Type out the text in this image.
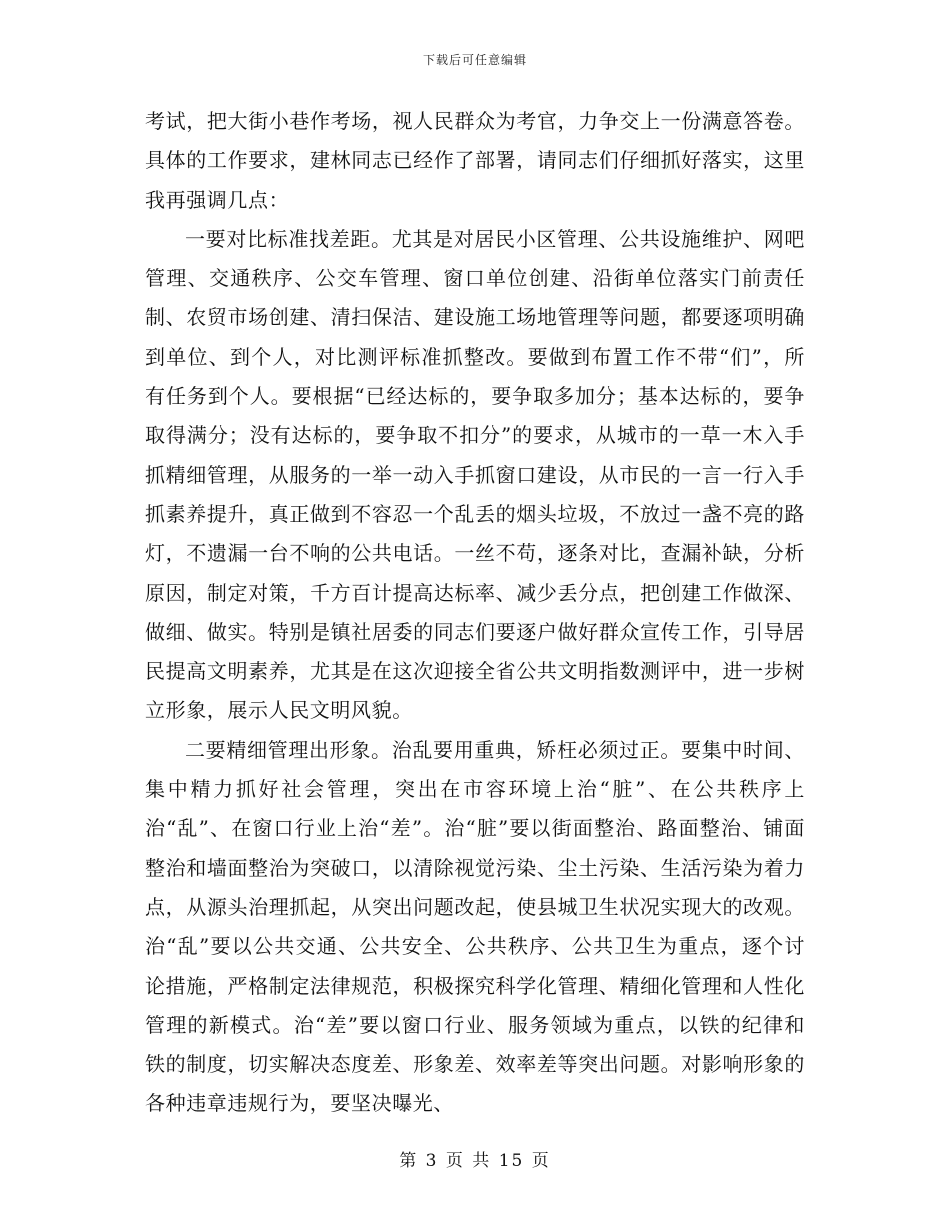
下载后可任意编辑

考试，把大街小巷作考场，视人民群众为考官，力争交上一份满意答卷。具体的工作要求，建林同志已经作了部署，请同志们仔细抓好落实，这里我再强调几点：

一要对比标准找差距。尤其是对居民小区管理、公共设施维护、网吧管理、交通秩序、公交车管理、窗口单位创建、沿街单位落实门前责任制、农贸市场创建、清扫保洁、建设施工场地管理等问题，都要逐项明确到单位、到个人，对比测评标准抓整改。要做到布置工作不带“们”，所有任务到个人。要根据“已经达标的，要争取多加分；基本达标的，要争取得满分；没有达标的，要争取不扣分”的要求，从城市的一草一木入手抓精细管理，从服务的一举一动入手抓窗口建设，从市民的一言一行入手抓素养提升，真正做到不容忍一个乱丢的烟头垃圾，不放过一盏不亮的路灯，不遗漏一台不响的公共电话。一丝不苟，逐条对比，查漏补缺，分析原因，制定对策，千方百计提高达标率、减少丢分点，把创建工作做深、做细、做实。特别是镇社居委的同志们要逐户做好群众宣传工作，引导居民提高文明素养，尤其是在这次迎接全省公共文明指数测评中，进一步树立形象，展示人民文明风貌。

二要精细管理出形象。治乱要用重典，矫枉必须过正。要集中时间、集中精力抓好社会管理，突出在市容环境上治“脏”、在公共秩序上治“乱”、在窗口行业上治“差”。治“脏”要以街面整治、路面整治、铺面整治和墙面整治为突破口，以清除视觉污染、尘土污染、生活污染为着力点，从源头治理抓起，从突出问题改起，使县城卫生状况实现大的改观。治“乱”要以公共交通、公共安全、公共秩序、公共卫生为重点，逐个讨论措施，严格制定法律规范，积极探究科学化管理、精细化管理和人性化管理的新模式。治“差”要以窗口行业、服务领域为重点，以铁的纪律和铁的制度，切实解决态度差、形象差、效率差等突出问题。对影响形象的各种违章违规行为，要坚决曝光、

第 3 页 共 15 页
